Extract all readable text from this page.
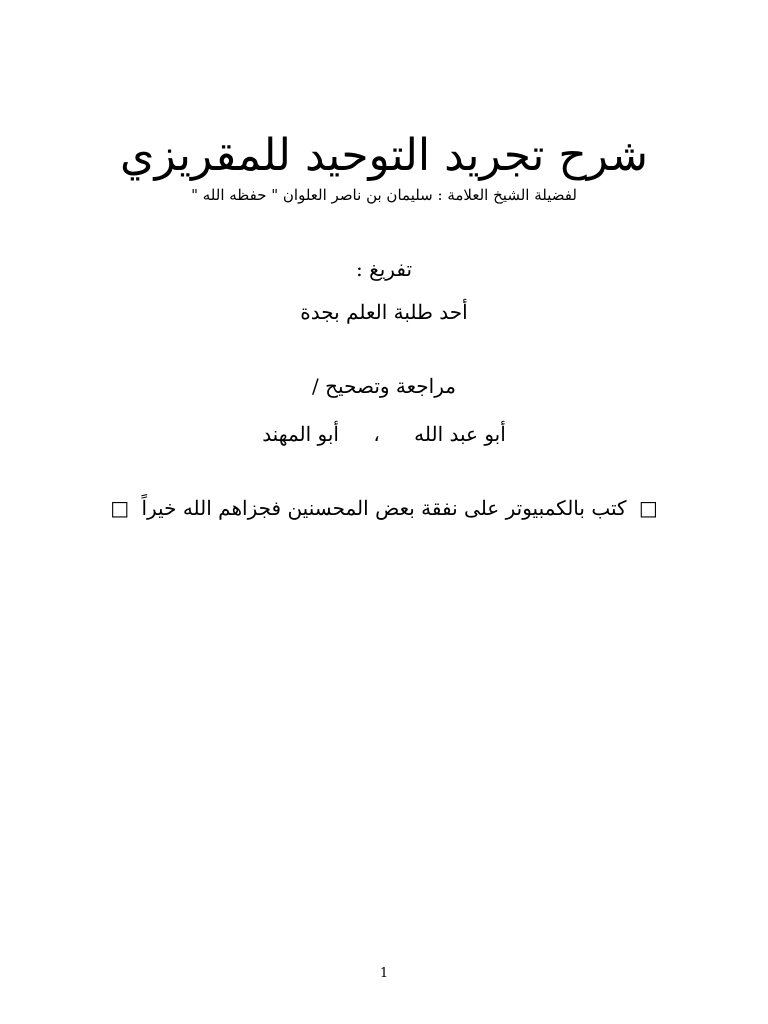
شرح تجريد التوحيد للمقريزي
لفضيلة الشيخ العلامة : سليمان بن ناصر العلوان " حفظه الله "
تفريغ :
أحد طلبة العلم بجدة
مراجعة وتصحيح /
أبو عبد الله ، أبو المهند
□ كتب بالكمبيوتر على نفقة بعض المحسنين فجزاهم الله خيراً □
1
